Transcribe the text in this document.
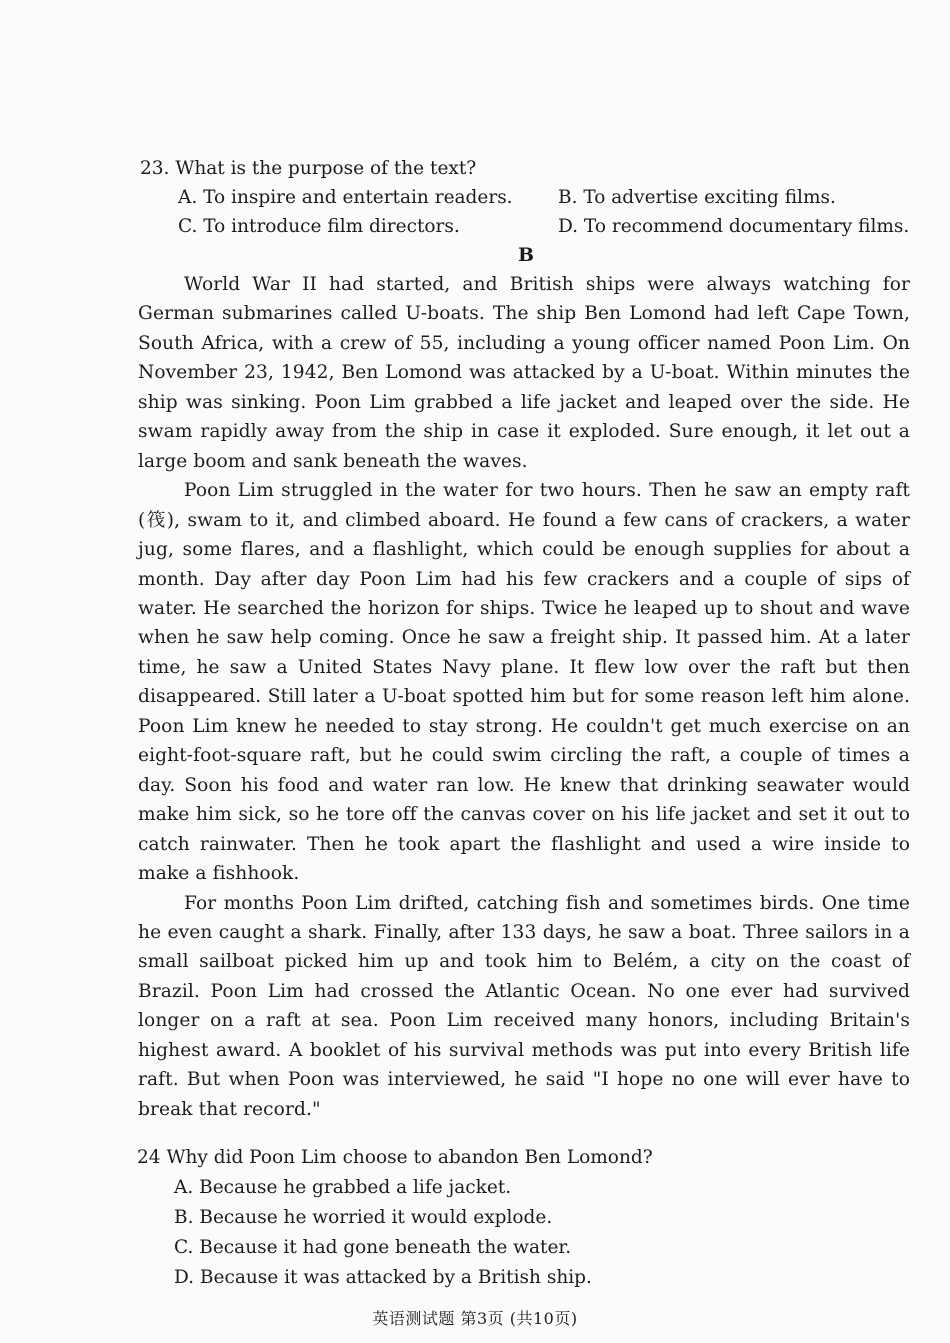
23. What is the purpose of the text?
A. To inspire and entertain readers.	B. To advertise exciting films.
C. To introduce film directors.	D. To recommend documentary films.
B

World War II had started, and British ships were always watching for German submarines called U-boats. The ship Ben Lomond had left Cape Town, South Africa, with a crew of 55, including a young officer named Poon Lim. On November 23, 1942, Ben Lomond was attacked by a U-boat. Within minutes the ship was sinking. Poon Lim grabbed a life jacket and leaped over the side. He swam rapidly away from the ship in case it exploded. Sure enough, it let out a large boom and sank beneath the waves.

Poon Lim struggled in the water for two hours. Then he saw an empty raft (筏), swam to it, and climbed aboard. He found a few cans of crackers, a water jug, some flares, and a flashlight, which could be enough supplies for about a month. Day after day Poon Lim had his few crackers and a couple of sips of water. He searched the horizon for ships. Twice he leaped up to shout and wave when he saw help coming. Once he saw a freight ship. It passed him. At a later time, he saw a United States Navy plane. It flew low over the raft but then disappeared. Still later a U-boat spotted him but for some reason left him alone. Poon Lim knew he needed to stay strong. He couldn't get much exercise on an eight-foot-square raft, but he could swim circling the raft, a couple of times a day. Soon his food and water ran low. He knew that drinking seawater would make him sick, so he tore off the canvas cover on his life jacket and set it out to catch rainwater. Then he took apart the flashlight and used a wire inside to make a fishhook.

For months Poon Lim drifted, catching fish and sometimes birds. One time he even caught a shark. Finally, after 133 days, he saw a boat. Three sailors in a small sailboat picked him up and took him to Belém, a city on the coast of Brazil. Poon Lim had crossed the Atlantic Ocean. No one ever had survived longer on a raft at sea. Poon Lim received many honors, including Britain's highest award. A booklet of his survival methods was put into every British life raft. But when Poon was interviewed, he said "I hope no one will ever have to break that record."

24 Why did Poon Lim choose to abandon Ben Lomond?
A. Because he grabbed a life jacket.
B. Because he worried it would explode.
C. Because it had gone beneath the water.
D. Because it was attacked by a British ship.
英语测试题 第3页 (共10页)
